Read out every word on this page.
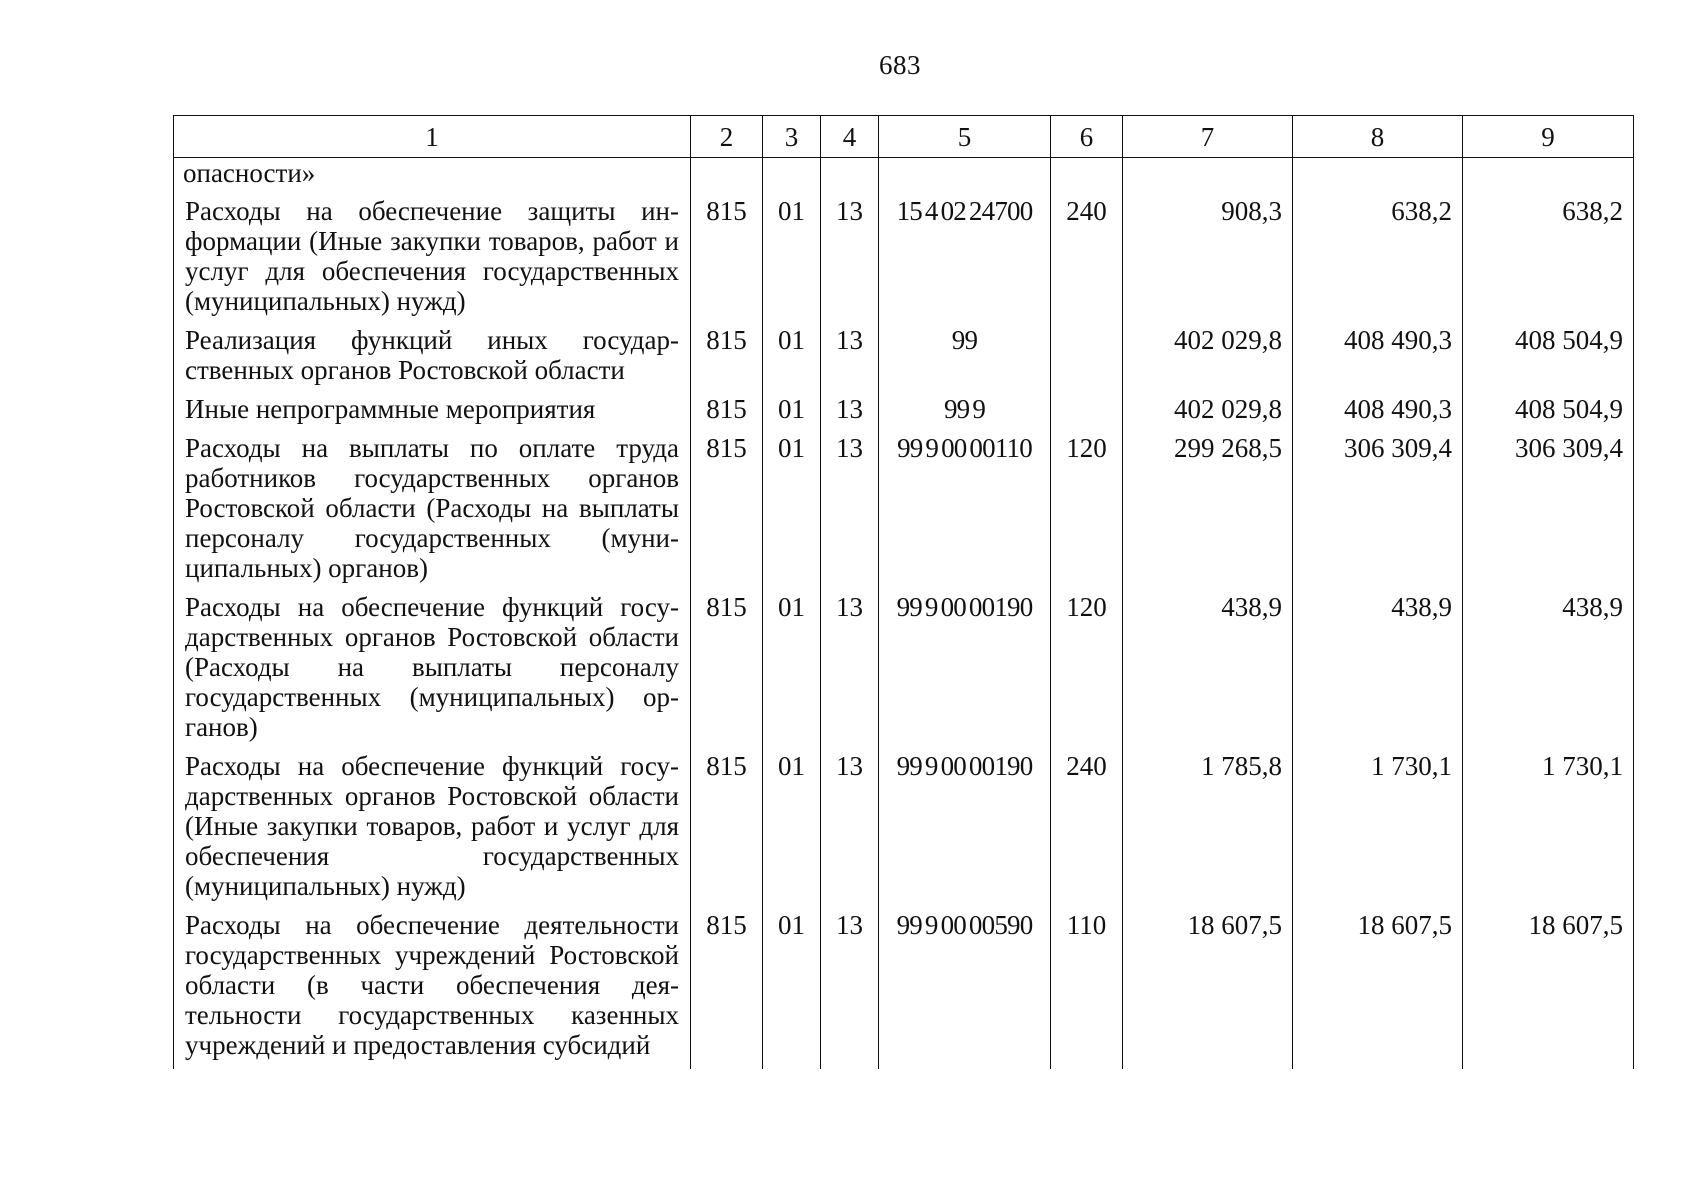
683
1	2	3	4	5	6	7	8	9
опасности»								
Расходы на обеспечение защиты информации (Иные закупки товаров, работ и услуг для обеспечения государственных (муниципальных) нужд)	815	01	13	15 4 02 24700	240	908,3	638,2	638,2
Реализация функций иных государственных органов Ростовской области	815	01	13	99		402 029,8	408 490,3	408 504,9
Иные непрограммные мероприятия	815	01	13	99 9		402 029,8	408 490,3	408 504,9
Расходы на выплаты по оплате труда работников государственных органов Ростовской области (Расходы на выплаты персоналу государственных (муниципальных) органов)	815	01	13	99 9 00 00110	120	299 268,5	306 309,4	306 309,4
Расходы на обеспечение функций государственных органов Ростовской области (Расходы на выплаты персоналу государственных (муниципальных) органов)	815	01	13	99 9 00 00190	120	438,9	438,9	438,9
Расходы на обеспечение функций государственных органов Ростовской области (Иные закупки товаров, работ и услуг для обеспечения государственных (муниципальных) нужд)	815	01	13	99 9 00 00190	240	1 785,8	1 730,1	1 730,1
Расходы на обеспечение деятельности государственных учреждений Ростовской области (в части обеспечения деятельности государственных казенных учреждений и предоставления субсидий	815	01	13	99 9 00 00590	110	18 607,5	18 607,5	18 607,5
